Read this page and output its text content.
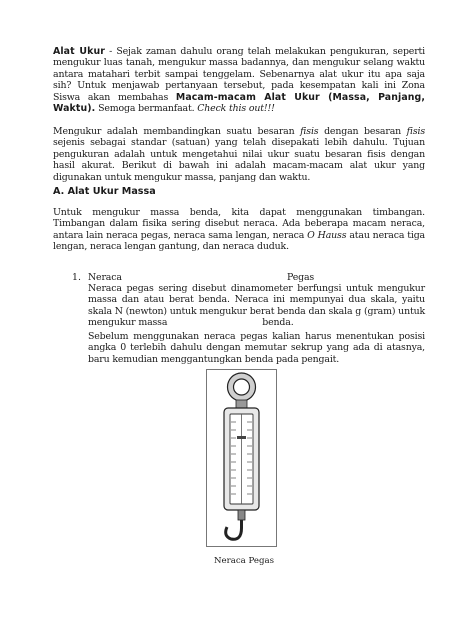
Alat Ukur - Sejak zaman dahulu orang telah melakukan pengukuran, seperti mengukur luas tanah, mengukur massa badannya, dan mengukur selang waktu antara matahari terbit sampai tenggelam. Sebenarnya alat ukur itu apa saja sih? Untuk menjawab pertanyaan tersebut, pada kesempatan kali ini Zona Siswa akan membahas Macam-macam Alat Ukur (Massa, Panjang, Waktu). Semoga bermanfaat. Check this out!!!
Mengukur adalah membandingkan suatu besaran fisis dengan besaran fisis sejenis sebagai standar (satuan) yang telah disepakati lebih dahulu. Tujuan pengukuran adalah untuk mengetahui nilai ukur suatu besaran fisis dengan hasil akurat. Berikut di bawah ini adalah macam-macam alat ukur yang digunakan untuk mengukur massa, panjang dan waktu.
A. Alat Ukur Massa
Untuk mengukur massa benda, kita dapat menggunakan timbangan. Timbangan dalam fisika sering disebut neraca. Ada beberapa macam neraca, antara lain neraca pegas, neraca sama lengan, neraca O Hauss atau neraca tiga lengan, neraca lengan gantung, dan neraca duduk.
1. Neraca	Pegas
Neraca pegas sering disebut dinamometer berfungsi untuk mengukur massa dan atau berat benda. Neraca ini mempunyai dua skala, yaitu skala N (newton) untuk mengukur berat benda dan skala g (gram) untuk mengukur massa	benda.
Sebelum menggunakan neraca pegas kalian harus menentukan posisi angka 0 terlebih dahulu dengan memutar sekrup yang ada di atasnya, baru kemudian menggantungkan benda pada pengait.
Neraca Pegas
